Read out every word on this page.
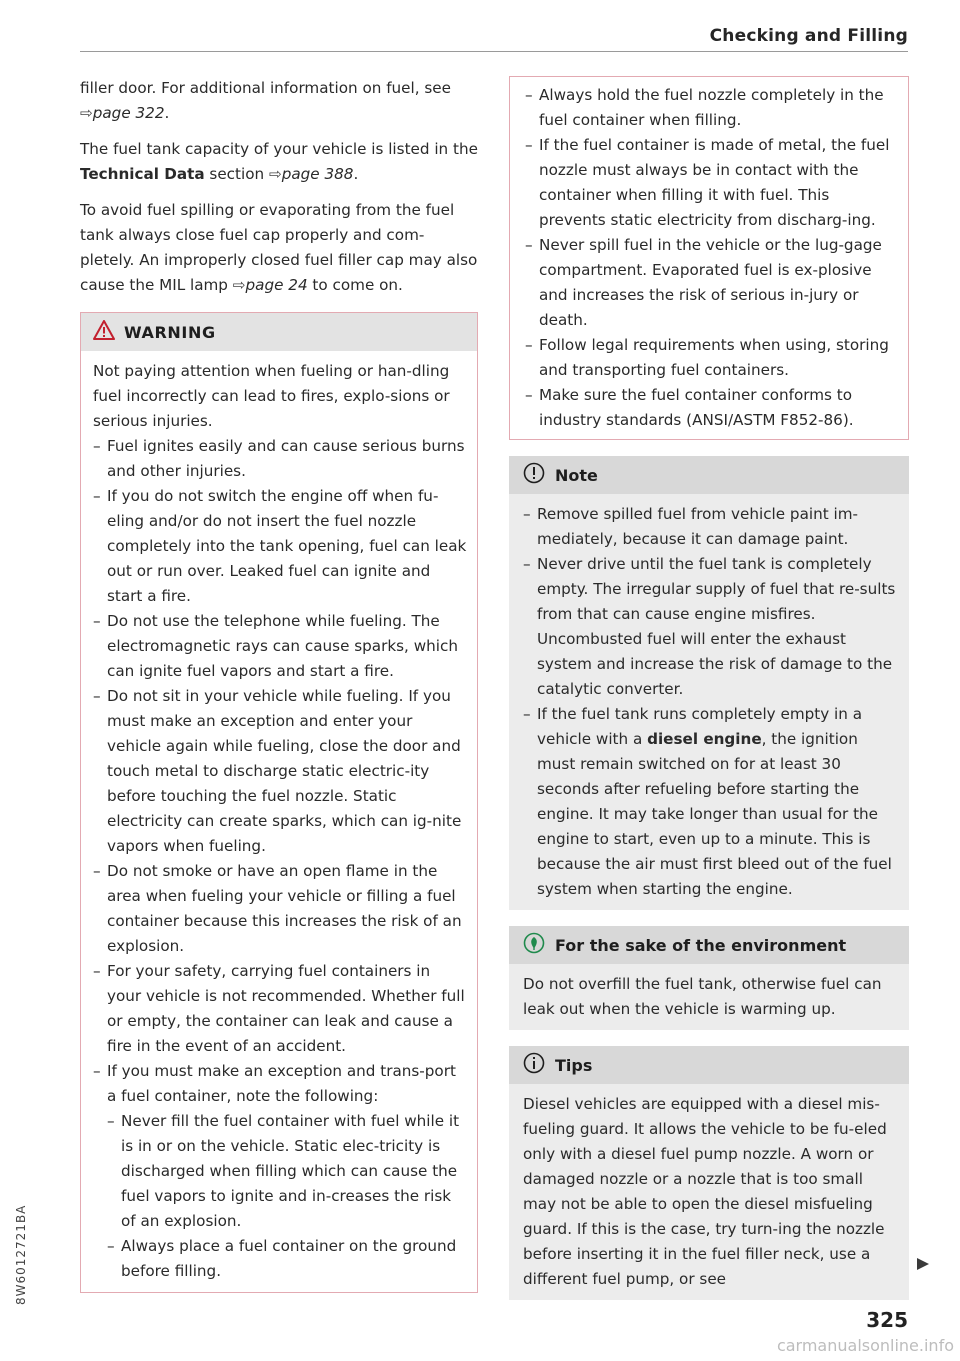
Checking and Filling

filler door. For additional information on fuel, see ⇨page 322.

The fuel tank capacity of your vehicle is listed in the Technical Data section ⇨page 388.

To avoid fuel spilling or evaporating from the fuel tank always close fuel cap properly and com-pletely. An improperly closed fuel filler cap may also cause the MIL lamp ⇨page 24 to come on.

WARNING

Not paying attention when fueling or han-dling fuel incorrectly can lead to fires, explo-sions or serious injuries.

– Fuel ignites easily and can cause serious burns and other injuries.
– If you do not switch the engine off when fu-eling and/or do not insert the fuel nozzle completely into the tank opening, fuel can leak out or run over. Leaked fuel can ignite and start a fire.
– Do not use the telephone while fueling. The electromagnetic rays can cause sparks, which can ignite fuel vapors and start a fire.
– Do not sit in your vehicle while fueling. If you must make an exception and enter your vehicle again while fueling, close the door and touch metal to discharge static electric-ity before touching the fuel nozzle. Static electricity can create sparks, which can ig-nite vapors when fueling.
– Do not smoke or have an open flame in the area when fueling your vehicle or filling a fuel container because this increases the risk of an explosion.
– For your safety, carrying fuel containers in your vehicle is not recommended. Whether full or empty, the container can leak and cause a fire in the event of an accident.
– If you must make an exception and trans-port a fuel container, note the following:
– Never fill the fuel container with fuel while it is in or on the vehicle. Static elec-tricity is discharged when filling which can cause the fuel vapors to ignite and in-creases the risk of an explosion.
– Always place a fuel container on the ground before filling.
– Always hold the fuel nozzle completely in the fuel container when filling.
– If the fuel container is made of metal, the fuel nozzle must always be in contact with the container when filling it with fuel. This prevents static electricity from discharg-ing.
– Never spill fuel in the vehicle or the lug-gage compartment. Evaporated fuel is ex-plosive and increases the risk of serious in-jury or death.
– Follow legal requirements when using, storing and transporting fuel containers.
– Make sure the fuel container conforms to industry standards (ANSI/ASTM F852-86).
Note
– Remove spilled fuel from vehicle paint im-mediately, because it can damage paint.
– Never drive until the fuel tank is completely empty. The irregular supply of fuel that re-sults from that can cause engine misfires. Uncombusted fuel will enter the exhaust system and increase the risk of damage to the catalytic converter.
– If the fuel tank runs completely empty in a vehicle with a diesel engine, the ignition must remain switched on for at least 30 seconds after refueling before starting the engine. It may take longer than usual for the engine to start, even up to a minute. This is because the air must first bleed out of the fuel system when starting the engine.
For the sake of the environment

Do not overfill the fuel tank, otherwise fuel can leak out when the vehicle is warming up.

Tips

Diesel vehicles are equipped with a diesel mis-fueling guard. It allows the vehicle to be fu-eled only with a diesel fuel pump nozzle. A worn or damaged nozzle or a nozzle that is too small may not be able to open the diesel misfueling guard. If this is the case, try turn-ing the nozzle before inserting it in the fuel filler neck, use a different fuel pump, or see

8W6012721BA
325
carmanualsonline.info
